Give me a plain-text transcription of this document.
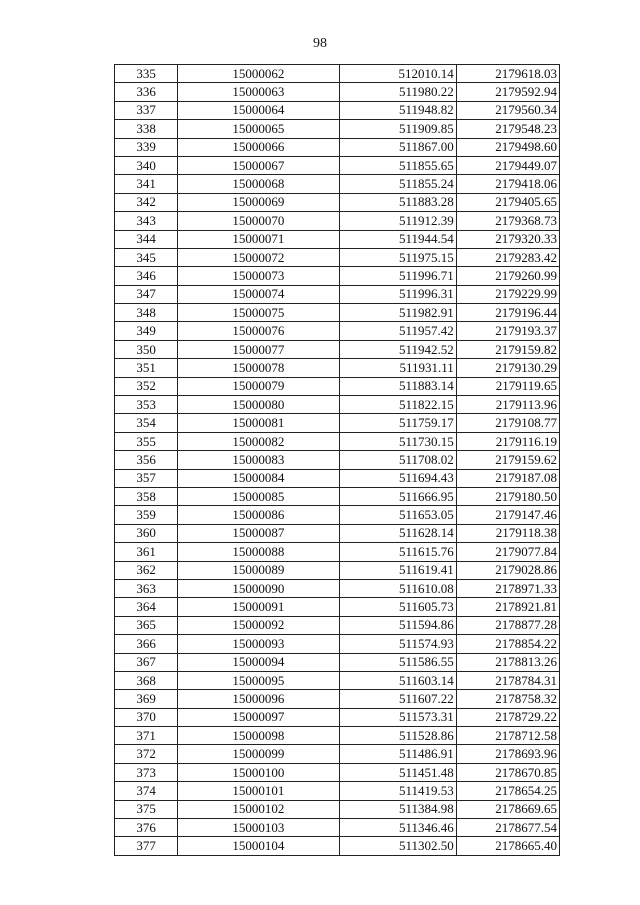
98
335	15000062	512010.14	2179618.03
336	15000063	511980.22	2179592.94
337	15000064	511948.82	2179560.34
338	15000065	511909.85	2179548.23
339	15000066	511867.00	2179498.60
340	15000067	511855.65	2179449.07
341	15000068	511855.24	2179418.06
342	15000069	511883.28	2179405.65
343	15000070	511912.39	2179368.73
344	15000071	511944.54	2179320.33
345	15000072	511975.15	2179283.42
346	15000073	511996.71	2179260.99
347	15000074	511996.31	2179229.99
348	15000075	511982.91	2179196.44
349	15000076	511957.42	2179193.37
350	15000077	511942.52	2179159.82
351	15000078	511931.11	2179130.29
352	15000079	511883.14	2179119.65
353	15000080	511822.15	2179113.96
354	15000081	511759.17	2179108.77
355	15000082	511730.15	2179116.19
356	15000083	511708.02	2179159.62
357	15000084	511694.43	2179187.08
358	15000085	511666.95	2179180.50
359	15000086	511653.05	2179147.46
360	15000087	511628.14	2179118.38
361	15000088	511615.76	2179077.84
362	15000089	511619.41	2179028.86
363	15000090	511610.08	2178971.33
364	15000091	511605.73	2178921.81
365	15000092	511594.86	2178877.28
366	15000093	511574.93	2178854.22
367	15000094	511586.55	2178813.26
368	15000095	511603.14	2178784.31
369	15000096	511607.22	2178758.32
370	15000097	511573.31	2178729.22
371	15000098	511528.86	2178712.58
372	15000099	511486.91	2178693.96
373	15000100	511451.48	2178670.85
374	15000101	511419.53	2178654.25
375	15000102	511384.98	2178669.65
376	15000103	511346.46	2178677.54
377	15000104	511302.50	2178665.40
